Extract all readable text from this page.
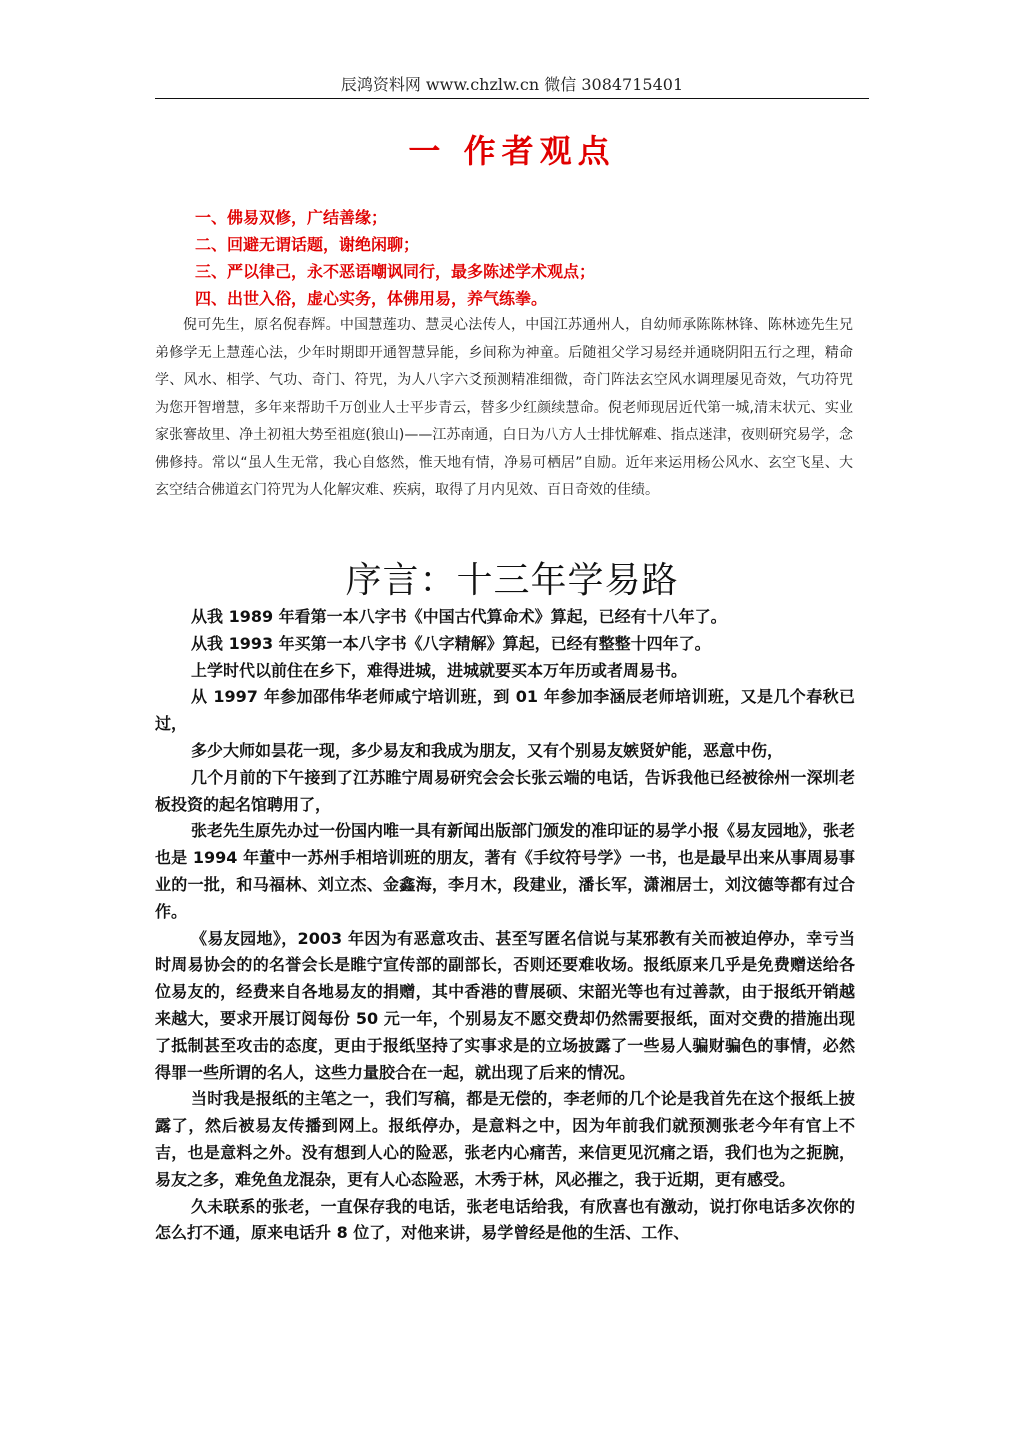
辰鸿资料网 www.chzlw.cn 微信 3084715401
一 作者观点
一、佛易双修，广结善缘；
二、回避无谓话题，谢绝闲聊；
三、严以律己，永不恶语嘲讽同行，最多陈述学术观点；
四、出世入俗，虚心实务，体佛用易，养气练拳。
倪可先生，原名倪春辉。中国慧莲功、慧灵心法传人，中国江苏通州人，自幼师承陈陈林锋、陈林迹先生兄弟修学无上慧莲心法，少年时期即开通智慧异能，乡间称为神童。后随祖父学习易经并通晓阴阳五行之理，精命学、风水、相学、气功、奇门、符咒，为人八字六爻预测精准细微，奇门阵法玄空风水调理屡见奇效，气功符咒为您开智增慧，多年来帮助千万创业人士平步青云，替多少红颜续慧命。倪老师现居近代第一城,清末状元、实业家张謇故里、净土初祖大势至祖庭(狼山)——江苏南通，白日为八方人士排忧解难、指点迷津，夜则研究易学，念佛修持。常以“虽人生无常，我心自悠然，惟天地有情，净易可栖居”自励。近年来运用杨公风水、玄空飞星、大玄空结合佛道玄门符咒为人化解灾难、疾病，取得了月内见效、百日奇效的佳绩。
序言：十三年学易路

从我 1989 年看第一本八字书《中国古代算命术》算起，已经有十八年了。

从我 1993 年买第一本八字书《八字精解》算起，已经有整整十四年了。

上学时代以前住在乡下，难得进城，进城就要买本万年历或者周易书。

从 1997 年参加邵伟华老师咸宁培训班，到 01 年参加李涵辰老师培训班，又是几个春秋已过，

多少大师如昙花一现，多少易友和我成为朋友，又有个别易友嫉贤妒能，恶意中伤，

几个月前的下午接到了江苏睢宁周易研究会会长张云端的电话，告诉我他已经被徐州一深圳老板投资的起名馆聘用了，

张老先生原先办过一份国内唯一具有新闻出版部门颁发的准印证的易学小报《易友园地》，张老也是 1994 年董中一苏州手相培训班的朋友，著有《手纹符号学》一书，也是最早出来从事周易事业的一批，和马福林、刘立杰、金鑫海，李月木，段建业，潘长军，潇湘居士，刘汶德等都有过合作。

《易友园地》，2003 年因为有恶意攻击、甚至写匿名信说与某邪教有关而被迫停办，幸亏当时周易协会的的名誉会长是睢宁宣传部的副部长，否则还要难收场。报纸原来几乎是免费赠送给各位易友的，经费来自各地易友的捐赠，其中香港的曹展硕、宋韶光等也有过善款，由于报纸开销越来越大，要求开展订阅每份 50 元一年，个别易友不愿交费却仍然需要报纸，面对交费的措施出现了抵制甚至攻击的态度，更由于报纸坚持了实事求是的立场披露了一些易人骗财骗色的事情，必然得罪一些所谓的名人，这些力量胶合在一起，就出现了后来的情况。

当时我是报纸的主笔之一，我们写稿，都是无偿的，李老师的几个论是我首先在这个报纸上披露了，然后被易友传播到网上。报纸停办，是意料之中，因为年前我们就预测张老今年有官上不吉，也是意料之外。没有想到人心的险恶，张老内心痛苦，来信更见沉痛之语，我们也为之扼腕，易友之多，难免鱼龙混杂，更有人心态险恶，木秀于林，风必摧之，我于近期，更有感受。

久未联系的张老，一直保存我的电话，张老电话给我，有欣喜也有激动，说打你电话多次你的怎么打不通，原来电话升 8 位了，对他来讲，易学曾经是他的生活、工作、
